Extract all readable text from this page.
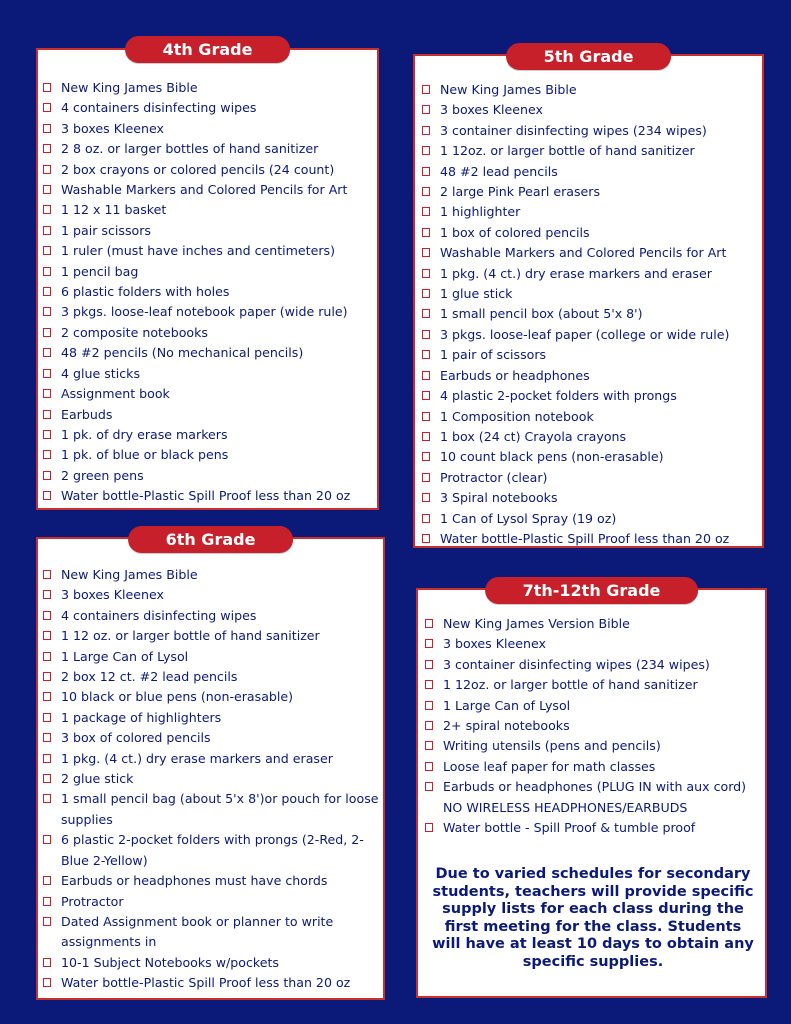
4th Grade
New King James Bible
4 containers disinfecting wipes
3 boxes Kleenex
2 8 oz. or larger bottles of hand sanitizer
2 box crayons or colored pencils (24 count)
Washable Markers and Colored Pencils for Art
1 12 x 11 basket
1 pair scissors
1 ruler (must have inches and centimeters)
1 pencil bag
6 plastic folders with holes
3 pkgs. loose-leaf notebook paper (wide rule)
2 composite notebooks
48 #2 pencils (No mechanical pencils)
4 glue sticks
Assignment book
Earbuds
1 pk. of dry erase markers
1 pk. of blue or black pens
2 green pens
Water bottle-Plastic Spill Proof less than 20 oz
5th Grade
New King James Bible
3 boxes Kleenex
3 container disinfecting wipes (234 wipes)
1 12oz. or larger bottle of hand sanitizer
48 #2 lead pencils
2 large Pink Pearl erasers
1 highlighter
1 box of colored pencils
Washable Markers and Colored Pencils for Art
1 pkg. (4 ct.) dry erase markers and eraser
1 glue stick
1 small pencil box (about 5'x 8')
3 pkgs. loose-leaf paper (college or wide rule)
1 pair of scissors
Earbuds or headphones
4 plastic 2-pocket folders with prongs
1 Composition notebook
1 box (24 ct) Crayola crayons
10 count black pens (non-erasable)
Protractor (clear)
3 Spiral notebooks
1 Can of Lysol Spray (19 oz)
Water bottle-Plastic Spill Proof less than 20 oz
6th Grade
New King James Bible
3 boxes Kleenex
4 containers disinfecting wipes
1 12 oz. or larger bottle of hand sanitizer
1 Large Can of Lysol
2 box 12 ct. #2 lead pencils
10 black or blue pens (non-erasable)
1 package of highlighters
3 box of colored pencils
1 pkg. (4 ct.) dry erase markers and eraser
2 glue stick
1 small pencil bag (about 5'x 8')or pouch for loose supplies
6 plastic 2-pocket folders with prongs (2-Red, 2-Blue 2-Yellow)
Earbuds or headphones must have chords
Protractor
Dated Assignment book or planner to write assignments in
10-1 Subject Notebooks w/pockets
Water bottle-Plastic Spill Proof less than 20 oz
7th-12th Grade
New King James Version Bible
3 boxes Kleenex
3 container disinfecting wipes (234 wipes)
1 12oz. or larger bottle of hand sanitizer
1 Large Can of Lysol
2+ spiral notebooks
Writing utensils (pens and pencils)
Loose leaf paper for math classes
Earbuds or headphones (PLUG IN with aux cord) NO WIRELESS HEADPHONES/EARBUDS
Water bottle - Spill Proof & tumble proof
Due to varied schedules for secondary students, teachers will provide specific supply lists for each class during the first meeting for the class. Students will have at least 10 days to obtain any specific supplies.
